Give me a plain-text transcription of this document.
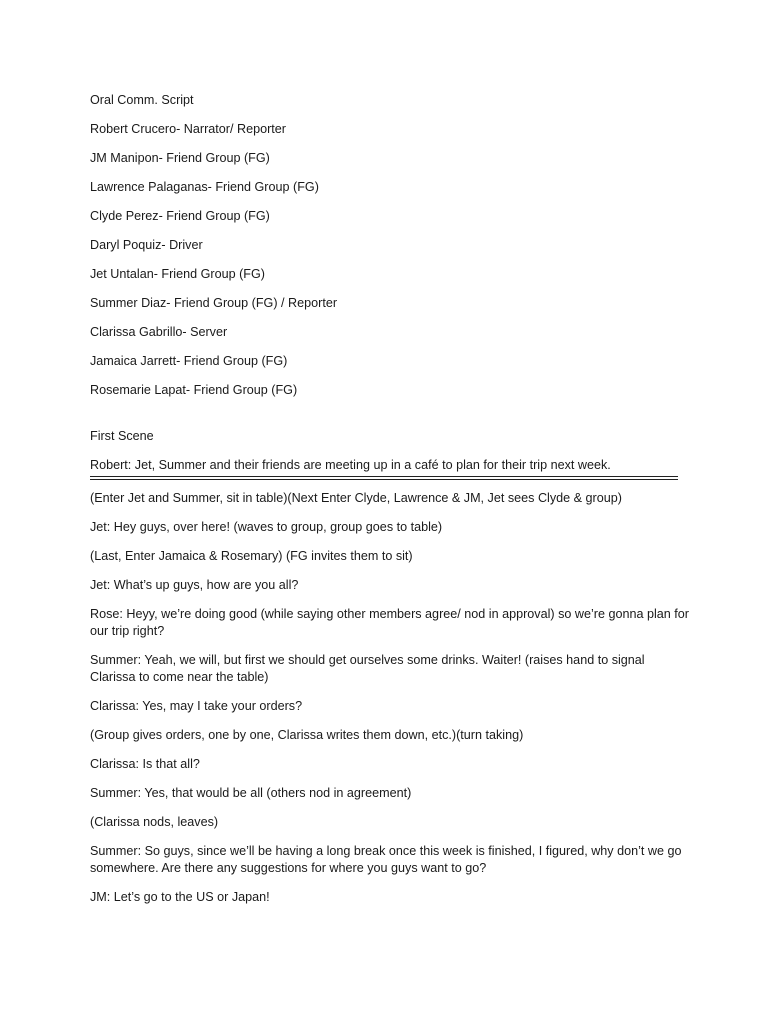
Oral Comm. Script
Robert Crucero- Narrator/ Reporter
JM Manipon- Friend Group (FG)
Lawrence Palaganas- Friend Group (FG)
Clyde Perez- Friend Group (FG)
Daryl Poquiz- Driver
Jet Untalan- Friend Group (FG)
Summer Diaz- Friend Group (FG) / Reporter
Clarissa Gabrillo- Server
Jamaica Jarrett- Friend Group (FG)
Rosemarie Lapat- Friend Group (FG)
First Scene
Robert: Jet, Summer and their friends are meeting up in a café to plan for their trip next week.
(Enter Jet and Summer, sit in table)(Next Enter Clyde, Lawrence & JM, Jet sees Clyde & group)
Jet: Hey guys, over here! (waves to group, group goes to table)
(Last, Enter Jamaica & Rosemary) (FG invites them to sit)
Jet: What’s up guys, how are you all?
Rose: Heyy, we’re doing good (while saying other members agree/ nod in approval) so we’re gonna plan for our trip right?
Summer: Yeah, we will, but first we should get ourselves some drinks. Waiter! (raises hand to signal Clarissa to come near the table)
Clarissa: Yes, may I take your orders?
(Group gives orders, one by one, Clarissa writes them down, etc.)(turn taking)
Clarissa: Is that all?
Summer: Yes, that would be all (others nod in agreement)
(Clarissa nods, leaves)
Summer: So guys, since we’ll be having a long break once this week is finished, I figured, why don’t we go somewhere. Are there any suggestions for where you guys want to go?
JM: Let’s go to the US or Japan!
